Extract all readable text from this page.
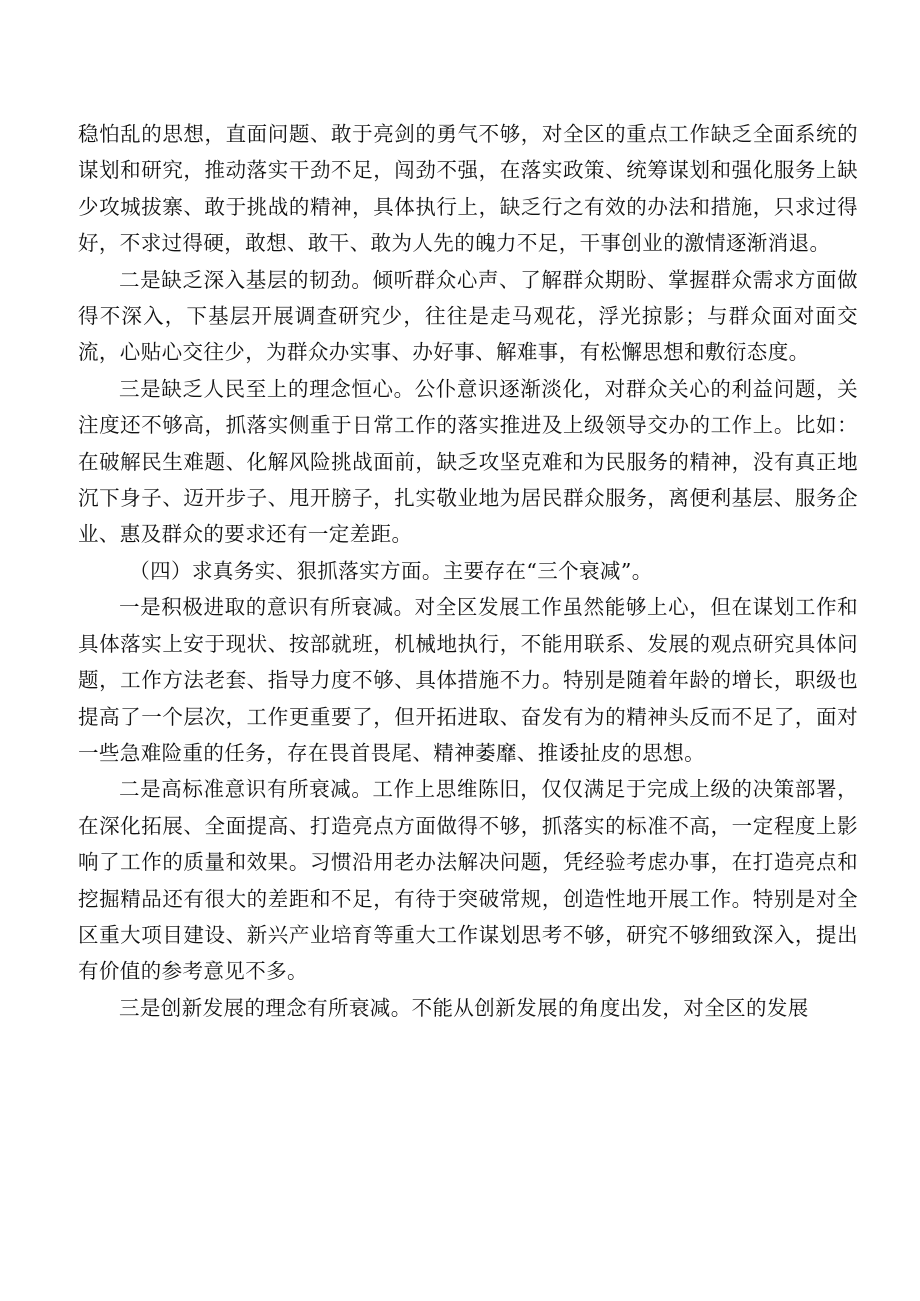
稳怕乱的思想，直面问题、敢于亮剑的勇气不够，对全区的重点工作缺乏全面系统的谋划和研究，推动落实干劲不足，闯劲不强，在落实政策、统筹谋划和强化服务上缺少攻城拔寨、敢于挑战的精神，具体执行上，缺乏行之有效的办法和措施，只求过得好，不求过得硬，敢想、敢干、敢为人先的魄力不足，干事创业的激情逐渐消退。

二是缺乏深入基层的韧劲。倾听群众心声、了解群众期盼、掌握群众需求方面做得不深入，下基层开展调查研究少，往往是走马观花，浮光掠影；与群众面对面交流，心贴心交往少，为群众办实事、办好事、解难事，有松懈思想和敷衍态度。

三是缺乏人民至上的理念恒心。公仆意识逐渐淡化，对群众关心的利益问题，关注度还不够高，抓落实侧重于日常工作的落实推进及上级领导交办的工作上。比如：在破解民生难题、化解风险挑战面前，缺乏攻坚克难和为民服务的精神，没有真正地沉下身子、迈开步子、甩开膀子，扎实敬业地为居民群众服务，离便利基层、服务企业、惠及群众的要求还有一定差距。

（四）求真务实、狠抓落实方面。主要存在“三个衰减”。

一是积极进取的意识有所衰减。对全区发展工作虽然能够上心，但在谋划工作和具体落实上安于现状、按部就班，机械地执行，不能用联系、发展的观点研究具体问题，工作方法老套、指导力度不够、具体措施不力。特别是随着年龄的增长，职级也提高了一个层次，工作更重要了，但开拓进取、奋发有为的精神头反而不足了，面对一些急难险重的任务，存在畏首畏尾、精神萎靡、推诿扯皮的思想。

二是高标准意识有所衰减。工作上思维陈旧，仅仅满足于完成上级的决策部署，在深化拓展、全面提高、打造亮点方面做得不够，抓落实的标准不高，一定程度上影响了工作的质量和效果。习惯沿用老办法解决问题，凭经验考虑办事，在打造亮点和挖掘精品还有很大的差距和不足，有待于突破常规，创造性地开展工作。特别是对全区重大项目建设、新兴产业培育等重大工作谋划思考不够，研究不够细致深入，提出有价值的参考意见不多。

三是创新发展的理念有所衰减。不能从创新发展的角度出发，对全区的发展
